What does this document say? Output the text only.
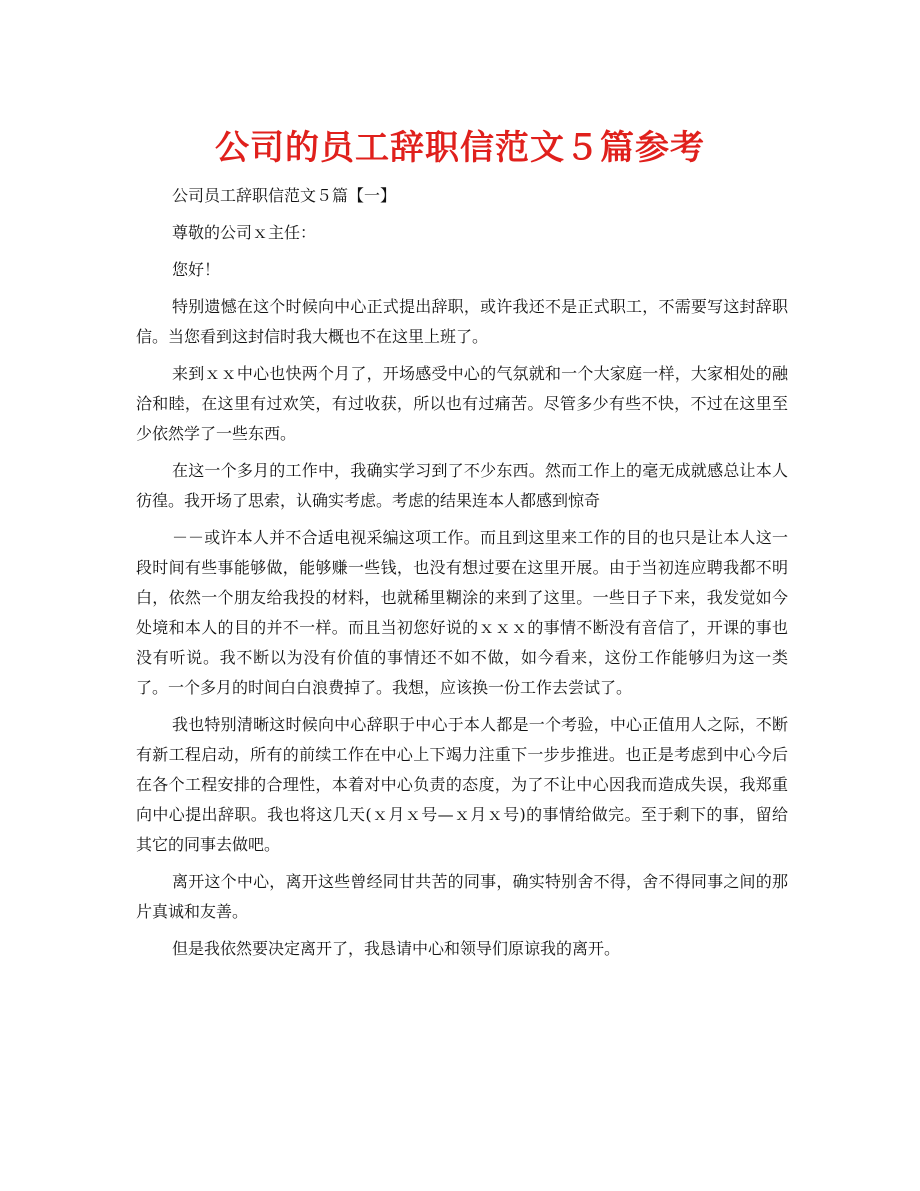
公司的员工辞职信范文５篇参考

公司员工辞职信范文５篇【一】

尊敬的公司ｘ主任：

您好！

特别遗憾在这个时候向中心正式提出辞职，或许我还不是正式职工，不需要写这封辞职信。当您看到这封信时我大概也不在这里上班了。

来到ｘｘ中心也快两个月了，开场感受中心的气氛就和一个大家庭一样，大家相处的融洽和睦，在这里有过欢笑，有过收获，所以也有过痛苦。尽管多少有些不快，不过在这里至少依然学了一些东西。

在这一个多月的工作中，我确实学习到了不少东西。然而工作上的毫无成就感总让本人彷徨。我开场了思索，认确实考虑。考虑的结果连本人都感到惊奇

－－或许本人并不合适电视采编这项工作。而且到这里来工作的目的也只是让本人这一段时间有些事能够做，能够赚一些钱，也没有想过要在这里开展。由于当初连应聘我都不明白，依然一个朋友给我投的材料，也就稀里糊涂的来到了这里。一些日子下来，我发觉如今处境和本人的目的并不一样。而且当初您好说的ｘｘｘ的事情不断没有音信了，开课的事也没有听说。我不断以为没有价值的事情还不如不做，如今看来，这份工作能够归为这一类了。一个多月的时间白白浪费掉了。我想，应该换一份工作去尝试了。

我也特别清晰这时候向中心辞职于中心于本人都是一个考验，中心正值用人之际，不断有新工程启动，所有的前续工作在中心上下竭力注重下一步步推进。也正是考虑到中心今后在各个工程安排的合理性，本着对中心负责的态度，为了不让中心因我而造成失误，我郑重向中心提出辞职。我也将这几天(ｘ月ｘ号—ｘ月ｘ号)的事情给做完。至于剩下的事，留给其它的同事去做吧。

离开这个中心，离开这些曾经同甘共苦的同事，确实特别舍不得，舍不得同事之间的那片真诚和友善。

但是我依然要决定离开了，我恳请中心和领导们原谅我的离开。
